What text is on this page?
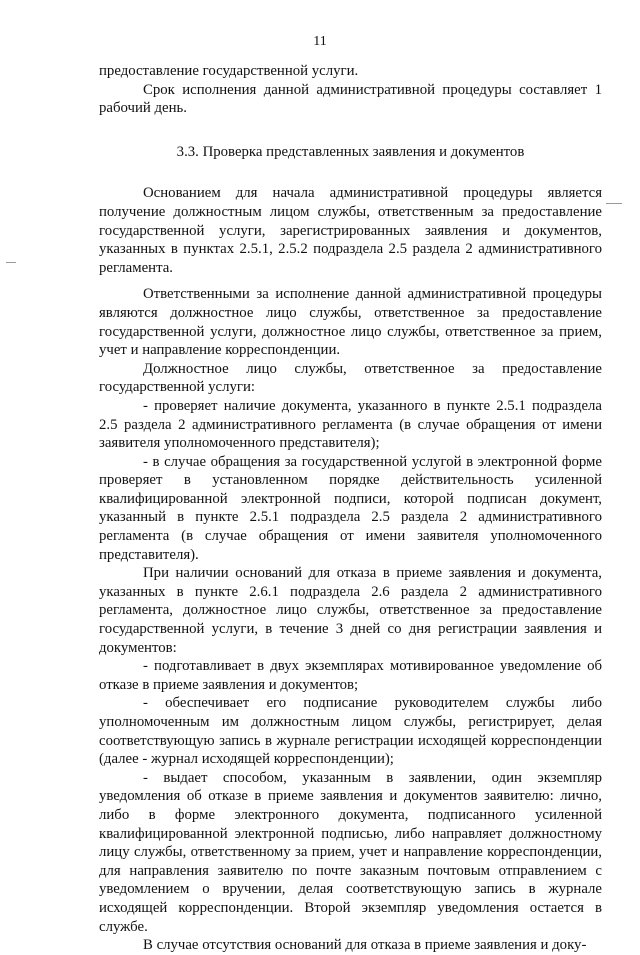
11

предоставление государственной услуги.

Срок исполнения данной административной процедуры составляет 1 рабочий день.

3.3. Проверка представленных заявления и документов

Основанием для начала административной процедуры является получение должностным лицом службы, ответственным за предоставление государственной услуги, зарегистрированных заявления и документов, указанных в пунктах 2.5.1, 2.5.2 подраздела 2.5 раздела 2 административного регламента.

Ответственными за исполнение данной административной процедуры являются должностное лицо службы, ответственное за предоставление государственной услуги, должностное лицо службы, ответственное за прием, учет и направление корреспонденции.

Должностное лицо службы, ответственное за предоставление государственной услуги:

- проверяет наличие документа, указанного в пункте 2.5.1 подраздела 2.5 раздела 2 административного регламента (в случае обращения от имени заявителя уполномоченного представителя);

- в случае обращения за государственной услугой в электронной форме проверяет в установленном порядке действительность усиленной квалифицированной электронной подписи, которой подписан документ, указанный в пункте 2.5.1 подраздела 2.5 раздела 2 административного регламента (в случае обращения от имени заявителя уполномоченного представителя).

При наличии оснований для отказа в приеме заявления и документа, указанных в пункте 2.6.1 подраздела 2.6 раздела 2 административного регламента, должностное лицо службы, ответственное за предоставление государственной услуги, в течение 3 дней со дня регистрации заявления и документов:

- подготавливает в двух экземплярах мотивированное уведомление об отказе в приеме заявления и документов;

- обеспечивает его подписание руководителем службы либо уполномоченным им должностным лицом службы, регистрирует, делая соответствующую запись в журнале регистрации исходящей корреспонденции (далее - журнал исходящей корреспонденции);

- выдает способом, указанным в заявлении, один экземпляр уведомления об отказе в приеме заявления и документов заявителю: лично, либо в форме электронного документа, подписанного усиленной квалифицированной электронной подписью, либо направляет должностному лицу службы, ответственному за прием, учет и направление корреспонденции, для направления заявителю по почте заказным почтовым отправлением с уведомлением о вручении, делая соответствующую запись в журнале исходящей корреспонденции. Второй экземпляр уведомления остается в службе.

В случае отсутствия оснований для отказа в приеме заявления и доку-
